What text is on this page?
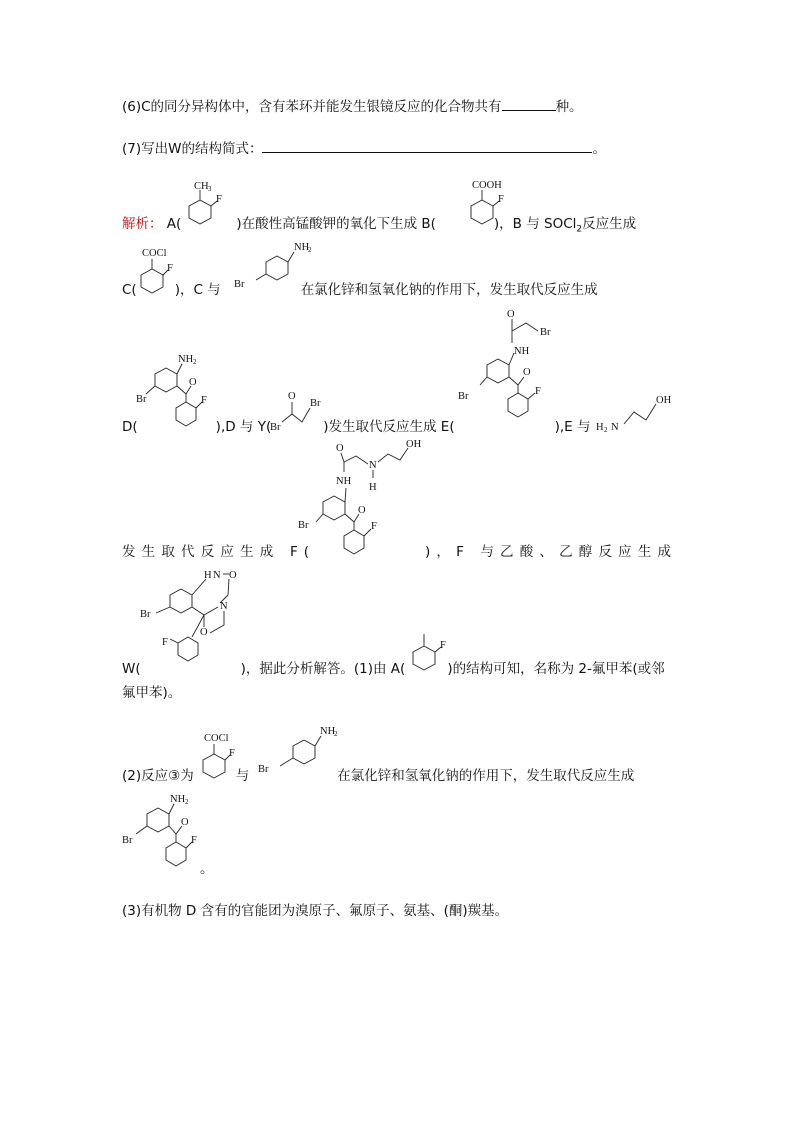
(6)C的同分异构体中，含有苯环并能发生银镜反应的化合物共有	种。
(7)写出W的结构简式：	。
解析： A(	)在酸性高锰酸钾的氧化下生成 B(	)，B 与 SOCl$_2$反应生成
CH 3
F
COOH
F
C(	)，C 与	在氯化锌和氢氧化钠的作用下，发生取代反应生成
COCl
F
NH
2
Br
D(	),D 与 Y(	)发生取代反应生成 E(	),E 与
NH 2
O
Br	F	O
Br
Br
O
Br
NH
O
Br	F
H 2 N
OH
O
N
OH
H
NH
O
Br	F
发生取代反应生成 F(	)，F 与乙酸、乙醇反应生成
H N O
N
O
Br
F
W(	)，据此分析解答。(1)由 A(	)的结构可知，名称为 2-氟甲苯(或邻
F
氟甲苯)。
(2)反应③为	与	在氯化锌和氢氧化钠的作用下，发生取代反应生成
COCl
F
NH
2
Br
NH 2
O
Br	F
。
(3)有机物 D 含有的官能团为溴原子、氟原子、氨基、(酮)羰基。
